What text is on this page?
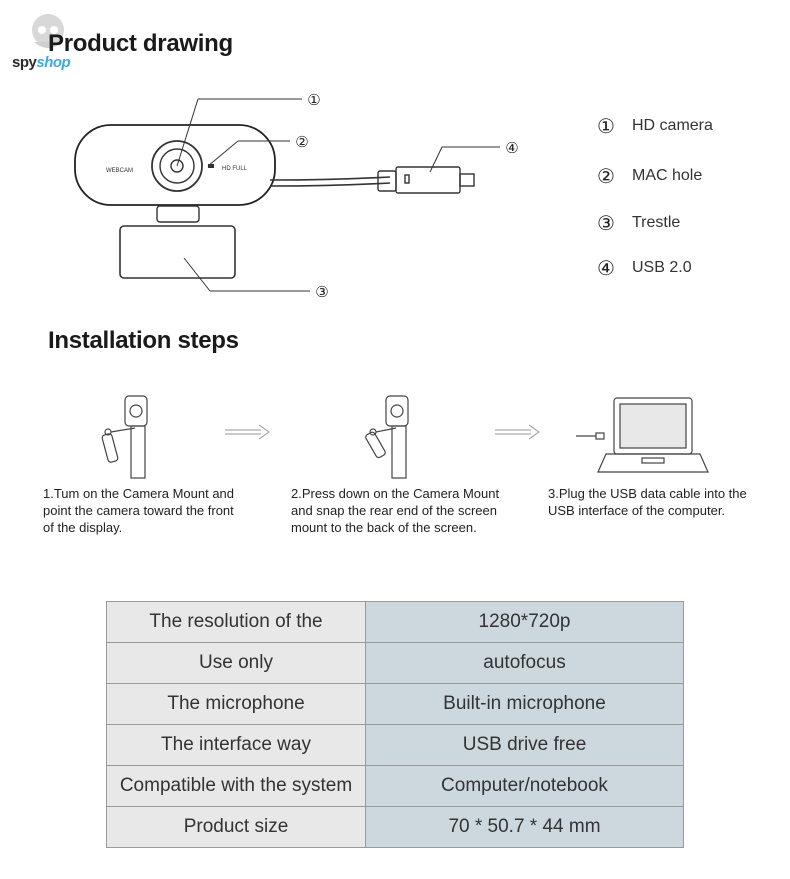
spyshop
Product drawing
WEBCAM	HD FULL
①
②	④
③
①	HD camera
②	MAC hole
③	Trestle
④	USB 2.0
Installation steps
1.Tum on the Camera Mount and
point the camera toward the front
of the display.
2.Press down on the Camera Mount
and snap the rear end of the screen
mount to the back of the screen.
3.Plug the USB data cable into the
USB interface of the computer.
The resolution of the	1280*720p
Use only	autofocus
The microphone	Built-in microphone
The interface way	USB drive free
Compatible with the system	Computer/notebook
Product size	70 * 50.7 * 44 mm
